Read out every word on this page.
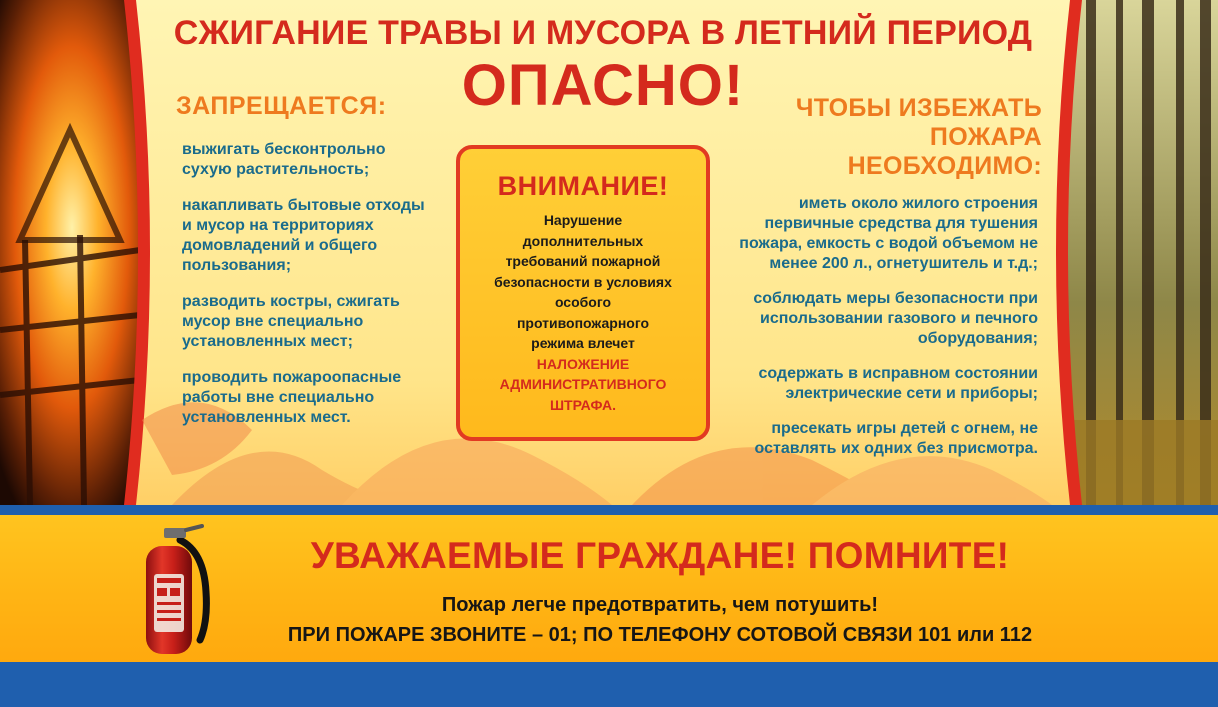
СЖИГАНИЕ ТРАВЫ И МУСОРА В ЛЕТНИЙ ПЕРИОД
ОПАСНО!
ЗАПРЕЩАЕТСЯ:

выжигать бесконтрольно сухую растительность;

накапливать бытовые отходы и мусор на территориях домовладений и общего пользования;

разводить костры, сжигать мусор вне специально установленных мест;

проводить пожароопасные работы вне специально установленных мест.

ВНИМАНИЕ!
Нарушение дополнительных требований пожарной безопасности в условиях особого противопожарного режима влечет
НАЛОЖЕНИЕ АДМИНИСТРАТИВНОГО ШТРАФА.
ЧТОБЫ ИЗБЕЖАТЬ
ПОЖАРА
НЕОБХОДИМО:

иметь около жилого строения первичные средства для тушения пожара, емкость с водой объемом не менее 200 л., огнетушитель и т.д.;

соблюдать меры безопасности при использовании газового и печного оборудования;

содержать в исправном состоянии электрические сети и приборы;

пресекать игры детей с огнем, не оставлять их одних без присмотра.

УВАЖАЕМЫЕ ГРАЖДАНЕ! ПОМНИТЕ!
Пожар легче предотвратить, чем потушить!
ПРИ ПОЖАРЕ ЗВОНИТЕ – 01; ПО ТЕЛЕФОНУ СОТОВОЙ СВЯЗИ 101 или 112
